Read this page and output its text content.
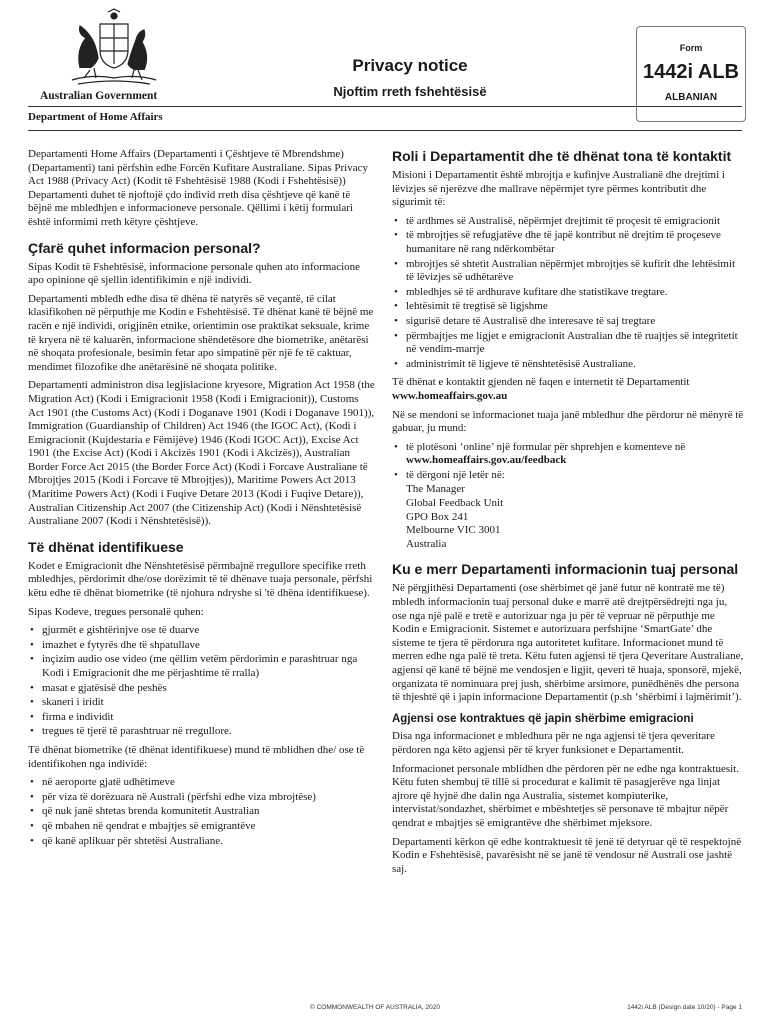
Australian Government
Department of Home Affairs
Privacy notice
Njoftim rreth fshehtësisë
Form
1442i ALB
ALBANIAN

Departamenti Home Affairs (Departamenti i Çështjeve të Mbrendshme) (Departamenti) tani përfshin edhe Forcën Kufitare Australiane. Sipas Privacy Act 1988 (Privacy Act) (Kodit të Fshehtësisë 1988 (Kodi i Fshehtësisë)) Departamenti duhet të njoftojë çdo individ rreth disa çështjeve që kanë të bëjnë me mbledhjen e informacioneve personale. Qëllimi i këtij formulari është informimi rreth këtyre çështjeve.

Çfarë quhet informacion personal?

Sipas Kodit të Fshehtësisë, informacione personale quhen ato informacione apo opinione që sjellin identifikimin e një individi.

Departamenti mbledh edhe disa të dhëna të natyrës së veçantë, të cilat klasifikohen në përputhje me Kodin e Fshehtësisë. Të dhënat kanë të bëjnë me racën e një individi, origjinën etnike, orientimin ose praktikat seksuale, krime të kryera në të kaluarën, informacione shëndetësore dhe biometrike, anëtarësi në shoqata profesionale, besimin fetar apo simpatinë për një fe të caktuar, mendimet filozofike dhe anëtarësinë në shoqata politike.

Departamenti administron disa legjislacione kryesore, Migration Act 1958 (the Migration Act) (Kodi i Emigracionit 1958 (Kodi i Emigracionit)), Customs Act 1901 (the Customs Act) (Kodi i Doganave 1901 (Kodi i Doganave 1901)), Immigration (Guardianship of Children) Act 1946 (the IGOC Act), (Kodi i Emigracionit (Kujdestaria e Fëmijëve) 1946 (Kodi IGOC Act)), Excise Act 1901 (the Excise Act) (Kodi i Akcizës 1901 (Kodi i Akcizës)), Australian Border Force Act 2015 (the Border Force Act) (Kodi i Forcave Australiane të Mbrojtjes 2015 (Kodi i Forcave të Mbrojtjes)), Maritime Powers Act 2013 (Maritime Powers Act) (Kodi i Fuqive Detare 2013 (Kodi i Fuqive Detare)), Australian Citizenship Act 2007 (the Citizenship Act) (Kodi i Nënshtetësisë Australiane 2007 (Kodi i Nënshtetësisë)).

Të dhënat identifikuese

Kodet e Emigracionit dhe Nënshtetësisë përmbajnë rregullore specifike rreth mbledhjes, përdorimit dhe/ose dorëzimit të të dhënave tuaja personale, përfshi këtu edhe të dhënat biometrike (të njohura ndryshe si 'të dhëna identifikuese).

Sipas Kodeve, tregues personalë quhen:

• gjurmët e gishtërinjve ose të duarve
• imazhet e fytyrës dhe të shpatullave
• inçizim audio ose video (me qëllim vetëm përdorimin e parashtruar nga Kodi i Emigracionit dhe me përjashtime të rralla)
• masat e gjatësisë dhe peshës
• skaneri i iridit
• firma e individit
• tregues të tjerë të parashtruar në rregullore.

Të dhënat biometrike (të dhënat identifikuese) mund të mblidhen dhe/ ose të identifikohen nga individë:

• në aeroporte gjatë udhëtimeve
• për viza të dorëzuara në Australi (përfshi edhe viza mbrojtëse)
• që nuk janë shtetas brenda komunitetit Australian
• që mbahen në qendrat e mbajtjes së emigrantëve
• që kanë aplikuar për shtetësi Australiane.
Roli i Departamentit dhe të dhënat tona të kontaktit

Misioni i Departamentit është mbrojtja e kufinjve Australianë dhe drejtimi i lëvizjes së njerëzve dhe mallrave nëpërmjet tyre përmes kontributit dhe sigurimit të:

• të ardhmes së Australisë, nëpërmjet drejtimit të proçesit të emigracionit
• të mbrojtjes së refugjatëve dhe të japë kontribut në drejtim të proçeseve humanitare në rang ndërkombëtar
• mbrojtjes së shtetit Australian nëpërmjet mbrojtjes së kufirit dhe lehtësimit të lëvizjes së udhëtarëve
• mbledhjes së të ardhurave kufitare dhe statistikave tregtare.
• lehtësimit të tregtisë së ligjshme
• sigurisë detare të Australisë dhe interesave të saj tregtare
• përmbajtjes me ligjet e emigracionit Australian dhe të ruajtjes së integritetit në vendim-marrje
• administrimit të ligjeve të nënshtetësisë Australiane.

Të dhënat e kontaktit gjenden në faqen e internetit të Departamentit
www.homeaffairs.gov.au

Në se mendoni se informacionet tuaja janë mbledhur dhe përdorur në mënyrë të gabuar, ju mund:

• të plotësoni ‘online’ një formular për shprehjen e komenteve në
www.homeaffairs.gov.au/feedback
• të dërgoni një letër në:
The Manager
Global Feedback Unit
GPO Box 241
Melbourne VIC 3001
Australia
Ku e merr Departamenti informacionin tuaj personal

Në përgjithësi Departamenti (ose shërbimet që janë futur në kontratë me të) mbledh informacionin tuaj personal duke e marrë atë drejtpërsëdrejti nga ju, ose nga një palë e tretë e autorizuar nga ju për të vepruar në përputhje me Kodin e Emigracionit. Sistemet e autorizuara perfshijne ‘SmartGate’ dhe sisteme te tjera të përdorura nga autoritetet kufitare. Informacionet mund të merren edhe nga palë të treta. Këtu futen agjensi të tjera Qeveritare Australiane, agjensi që kanë të bëjnë me vendosjen e ligjit, qeveri të huaja, sponsorë, mjekë, organizata të nominuara prej jush, shërbime arsimore, punëdhënës dhe persona të thjeshtë që i japin informacione Departamentit (p.sh ‘shërbimi i lajmërimit’).

Agjensi ose kontraktues që japin shërbime emigracioni

Disa nga informacionet e mbledhura për ne nga agjensi të tjera qeveritare përdoren nga këto agjensi për të kryer funksionet e Departamentit.

Informacionet personale mblidhen dhe përdoren për ne edhe nga kontraktuesit. Këtu futen shembuj të tillë si procedurat e kalimit të pasagjerëve nga linjat ajrore që hyjnë dhe dalin nga Australia, sistemet kompiuterike, intervistat/sondazhet, shërbimet e mbështetjes së personave të mbajtur nëpër qendrat e mbajtjes së emigrantëve dhe shërbimet mjeksore.

Departamenti kërkon që edhe kontraktuesit të jenë të detyruar që të respektojnë Kodin e Fshehtësisë, pavarësisht në se janë të vendosur në Australi ose jashtë saj.

© COMMONWEALTH OF AUSTRALIA, 2020	1442i ALB (Design date 10/20) - Page 1
